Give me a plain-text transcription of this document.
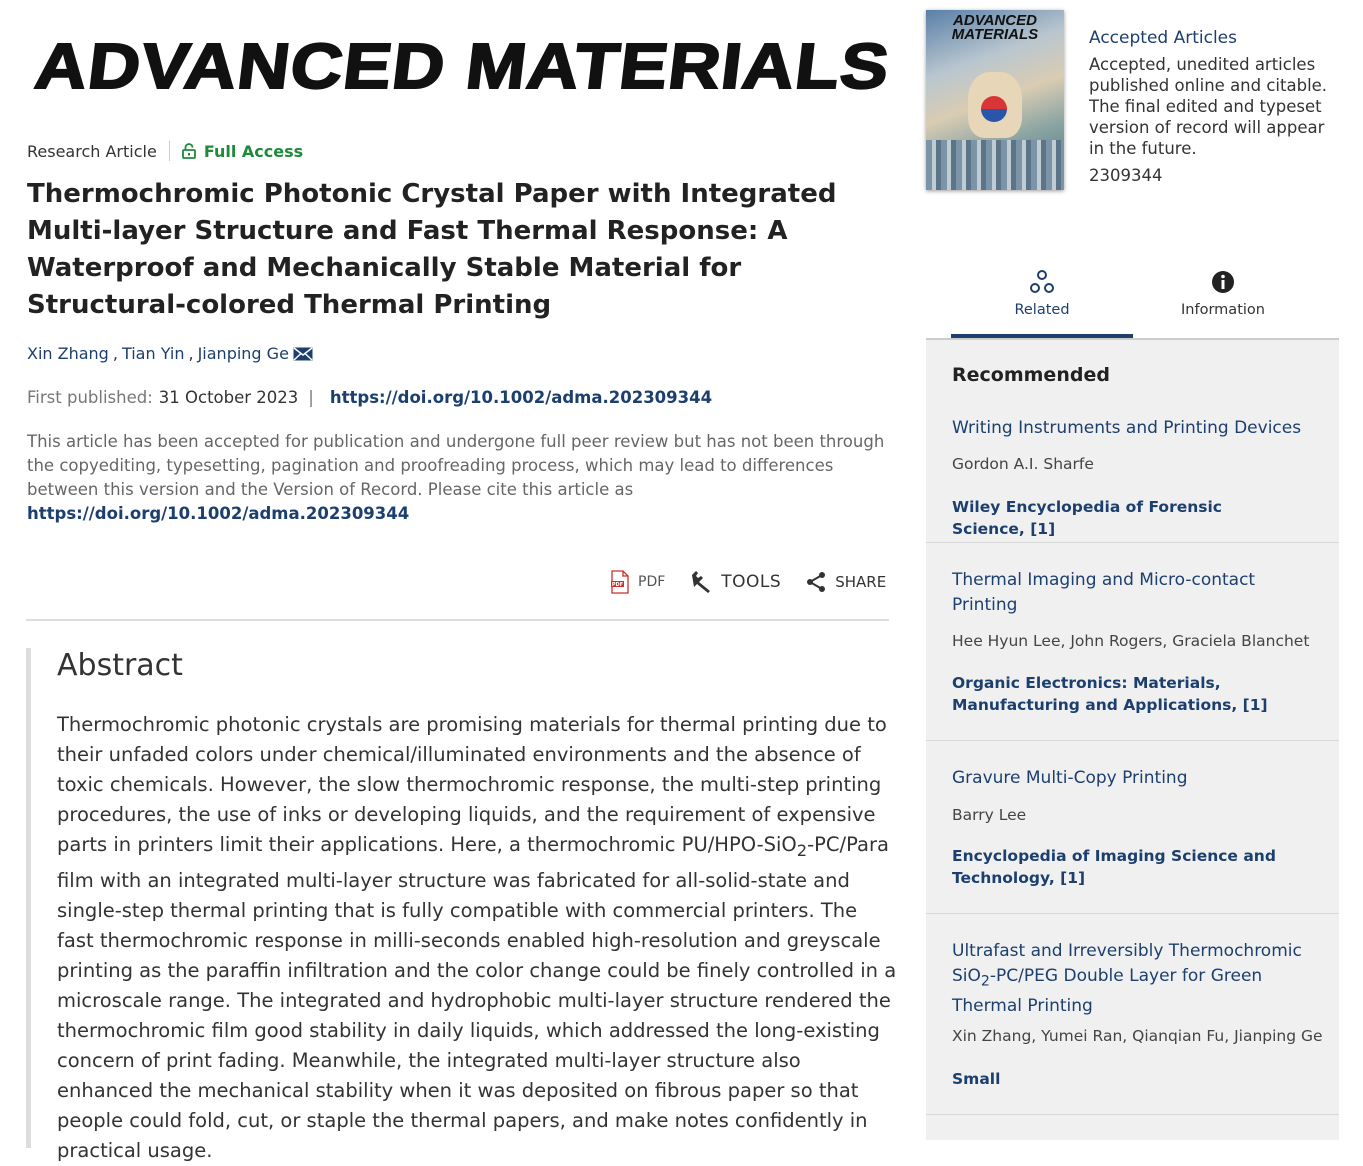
ADVANCED MATERIALS
Research Article	Full Access
Thermochromic Photonic Crystal Paper with Integrated Multi-layer Structure and Fast Thermal Response: A Waterproof and Mechanically Stable Material for Structural-colored Thermal Printing
Xin Zhang , Tian Yin , Jianping Ge
First published: 31 October 2023 | https://doi.org/10.1002/adma.202309344
This article has been accepted for publication and undergone full peer review but has not been through the copyediting, typesetting, pagination and proofreading process, which may lead to differences between this version and the Version of Record. Please cite this article as
https://doi.org/10.1002/adma.202309344
PDF PDF	TOOLS	SHARE
Abstract

Thermochromic photonic crystals are promising materials for thermal printing due to their unfaded colors under chemical/illuminated environments and the absence of toxic chemicals. However, the slow thermochromic response, the multi-step printing procedures, the use of inks or developing liquids, and the requirement of expensive parts in printers limit their applications. Here, a thermochromic PU/HPO-SiO$_2$-PC/Para film with an integrated multi-layer structure was fabricated for all-solid-state and single-step thermal printing that is fully compatible with commercial printers. The fast thermochromic response in milli-seconds enabled high-resolution and greyscale printing as the paraffin infiltration and the color change could be finely controlled in a microscale range. The integrated and hydrophobic multi-layer structure rendered the thermochromic film good stability in daily liquids, which addressed the long-existing concern of print fading. Meanwhile, the integrated multi-layer structure also enhanced the mechanical stability when it was deposited on fibrous paper so that people could fold, cut, or staple the thermal papers, and make notes confidently in practical usage.

ADVANCED MATERIALS	Accepted Articles
Accepted, unedited articles published online and citable. The final edited and typeset version of record will appear in the future.
2309344
Related	Information
Recommended
Writing Instruments and Printing Devices
Gordon A.I. Sharfe
Wiley Encyclopedia of Forensic Science, [1]
Thermal Imaging and Micro-contact Printing
Hee Hyun Lee, John Rogers, Graciela Blanchet
Organic Electronics: Materials, Manufacturing and Applications, [1]
Gravure Multi-Copy Printing
Barry Lee
Encyclopedia of Imaging Science and Technology, [1]
Ultrafast and Irreversibly Thermochromic SiO$_2$-PC/PEG Double Layer for Green Thermal Printing
Xin Zhang, Yumei Ran, Qianqian Fu, Jianping Ge
Small
